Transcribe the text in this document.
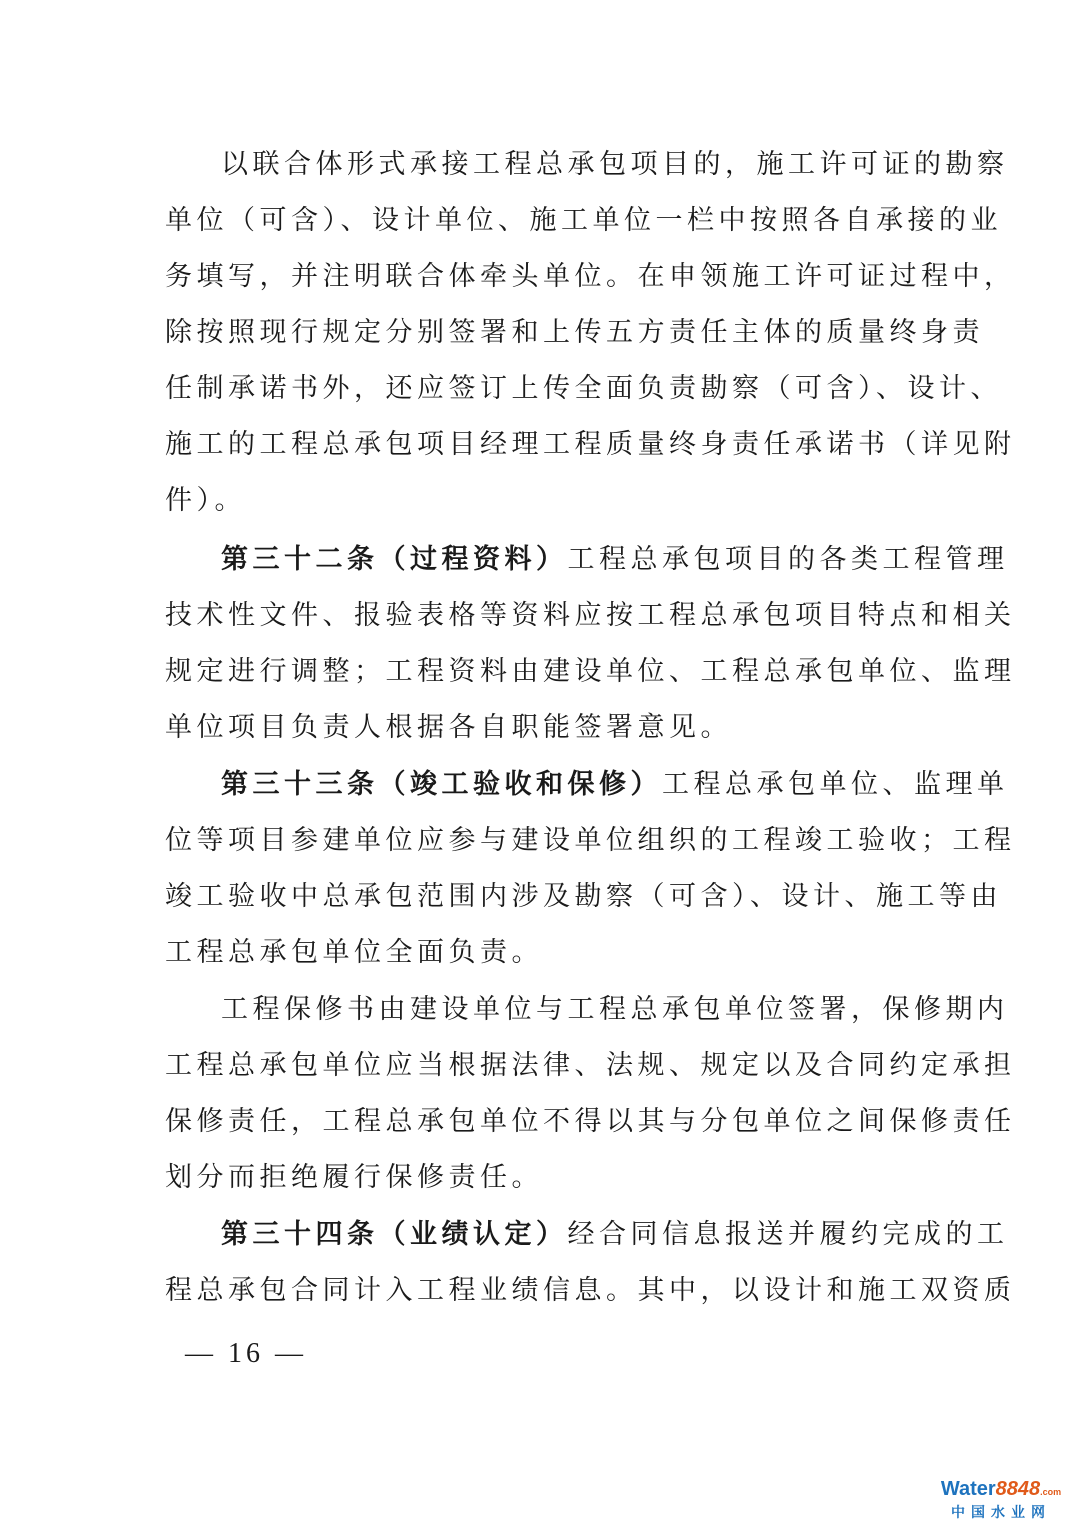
以联合体形式承接工程总承包项目的，施工许可证的勘察
单位（可含）、设计单位、施工单位一栏中按照各自承接的业
务填写，并注明联合体牵头单位。在申领施工许可证过程中，
除按照现行规定分别签署和上传五方责任主体的质量终身责
任制承诺书外，还应签订上传全面负责勘察（可含）、设计、
施工的工程总承包项目经理工程质量终身责任承诺书（详见附
件）。
第三十二条（过程资料）工程总承包项目的各类工程管理
技术性文件、报验表格等资料应按工程总承包项目特点和相关
规定进行调整；工程资料由建设单位、工程总承包单位、监理
单位项目负责人根据各自职能签署意见。
第三十三条（竣工验收和保修）工程总承包单位、监理单
位等项目参建单位应参与建设单位组织的工程竣工验收；工程
竣工验收中总承包范围内涉及勘察（可含）、设计、施工等由
工程总承包单位全面负责。
工程保修书由建设单位与工程总承包单位签署，保修期内
工程总承包单位应当根据法律、法规、规定以及合同约定承担
保修责任，工程总承包单位不得以其与分包单位之间保修责任
划分而拒绝履行保修责任。
第三十四条（业绩认定）经合同信息报送并履约完成的工
程总承包合同计入工程业绩信息。其中，以设计和施工双资质
— 16 —
Water8848.com
中国水业网
